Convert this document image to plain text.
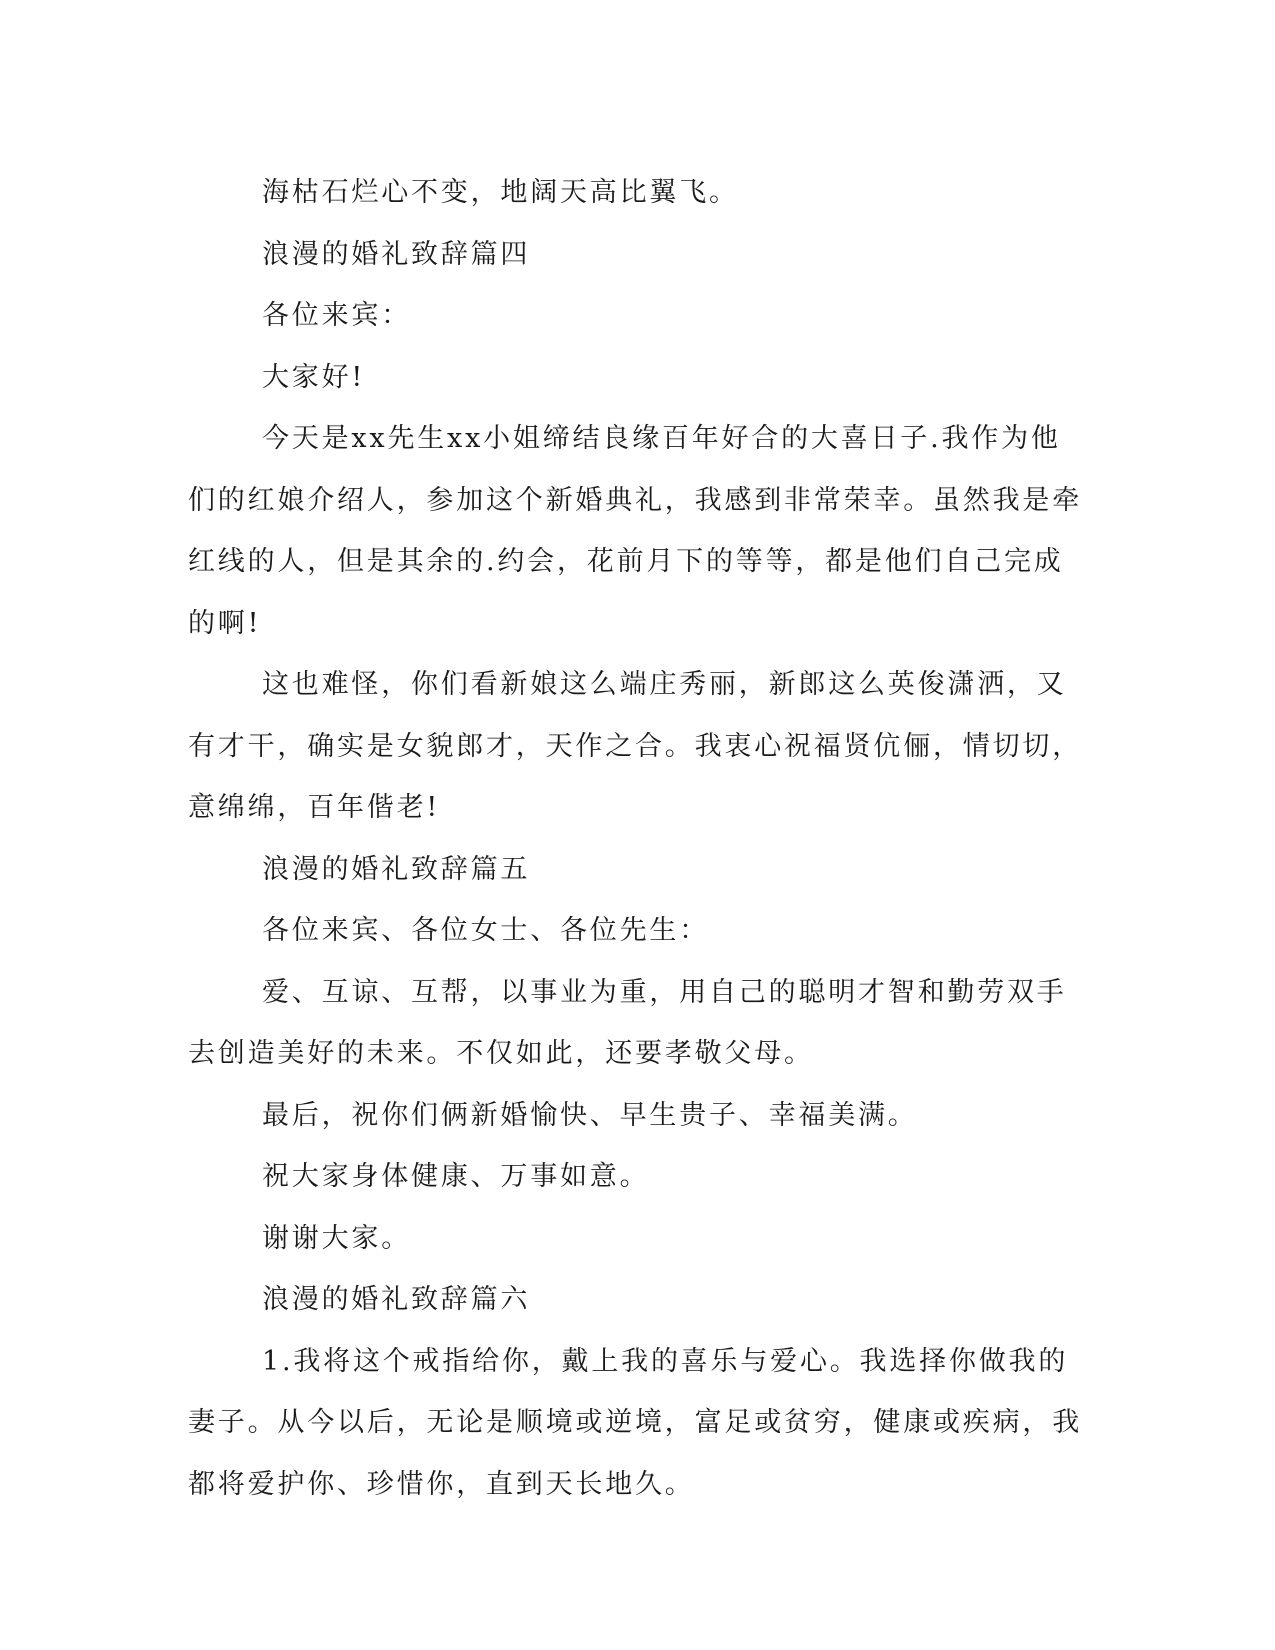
海枯石烂心不变，地阔天高比翼飞。

浪漫的婚礼致辞篇四

各位来宾：

大家好!

今天是xx先生xx小姐缔结良缘百年好合的大喜日子.我作为他们的红娘介绍人，参加这个新婚典礼，我感到非常荣幸。虽然我是牵红线的人，但是其余的.约会，花前月下的等等，都是他们自己完成的啊!

这也难怪，你们看新娘这么端庄秀丽，新郎这么英俊潇洒，又有才干，确实是女貌郎才，天作之合。我衷心祝福贤伉俪，情切切，意绵绵，百年偕老!

浪漫的婚礼致辞篇五

各位来宾、各位女士、各位先生：

爱、互谅、互帮，以事业为重，用自己的聪明才智和勤劳双手去创造美好的未来。不仅如此，还要孝敬父母。

最后，祝你们俩新婚愉快、早生贵子、幸福美满。

祝大家身体健康、万事如意。

谢谢大家。

浪漫的婚礼致辞篇六

1.我将这个戒指给你，戴上我的喜乐与爱心。我选择你做我的妻子。从今以后，无论是顺境或逆境，富足或贫穷，健康或疾病，我都将爱护你、珍惜你，直到天长地久。
